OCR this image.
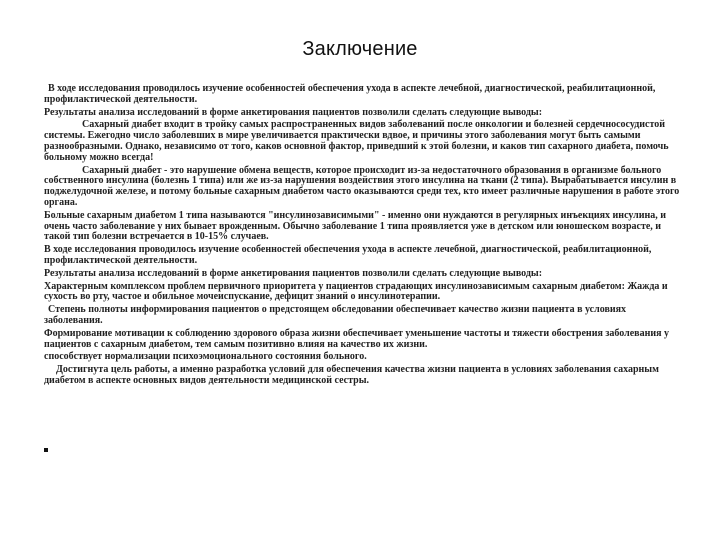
Заключение

В ходе исследования проводилось изучение особенностей обеспечения ухода в аспекте лечебной, диагностической, реабилитационной, профилактической деятельности.

Результаты анализа исследований в форме анкетирования пациентов позволили сделать следующие выводы:

Сахарный диабет входит в тройку самых распространенных видов заболеваний после онкологии и болезней сердечнососудистой системы. Ежегодно число заболевших в мире увеличивается практически вдвое, и причины этого заболевания могут быть самыми разнообразными. Однако, независимо от того, каков основной фактор, приведший к этой болезни, и каков тип сахарного диабета, помочь больному можно всегда!

Сахарный диабет - это нарушение обмена веществ, которое происходит из-за недостаточного образования в организме больного собственного инсулина (болезнь 1 типа) или же из-за нарушения воздействия этого инсулина на ткани (2 типа). Вырабатывается инсулин в поджелудочной железе, и потому больные сахарным диабетом часто оказываются среди тех, кто имеет различные нарушения в работе этого органа.

Больные сахарным диабетом 1 типа называются "инсулинозависимыми" - именно они нуждаются в регулярных инъекциях инсулина, и очень часто заболевание у них бывает врожденным. Обычно заболевание 1 типа проявляется уже в детском или юношеском возрасте, и такой тип болезни встречается в 10-15% случаев.

В ходе исследования проводилось изучение особенностей обеспечения ухода в аспекте лечебной, диагностической, реабилитационной, профилактической деятельности.

Результаты анализа исследований в форме анкетирования пациентов позволили сделать следующие выводы:

Характерным комплексом проблем первичного приоритета у пациентов страдающих инсулинозависимым сахарным диабетом: Жажда и сухость во рту, частое и обильное мочеиспускание, дефицит знаний о инсулинотерапии.

Степень полноты информирования пациентов о предстоящем обследовании обеспечивает качество жизни пациента в условиях заболевания.

Формирование мотивации к соблюдению здорового образа жизни обеспечивает уменьшение частоты и тяжести обострения заболевания у пациентов с сахарным диабетом, тем самым позитивно влияя на качество их жизни.

способствует нормализации психоэмоционального состояния больного.

Достигнута цель работы, а именно разработка условий для обеспечения качества жизни пациента в условиях заболевания сахарным диабетом в аспекте основных видов деятельности медицинской сестры.
